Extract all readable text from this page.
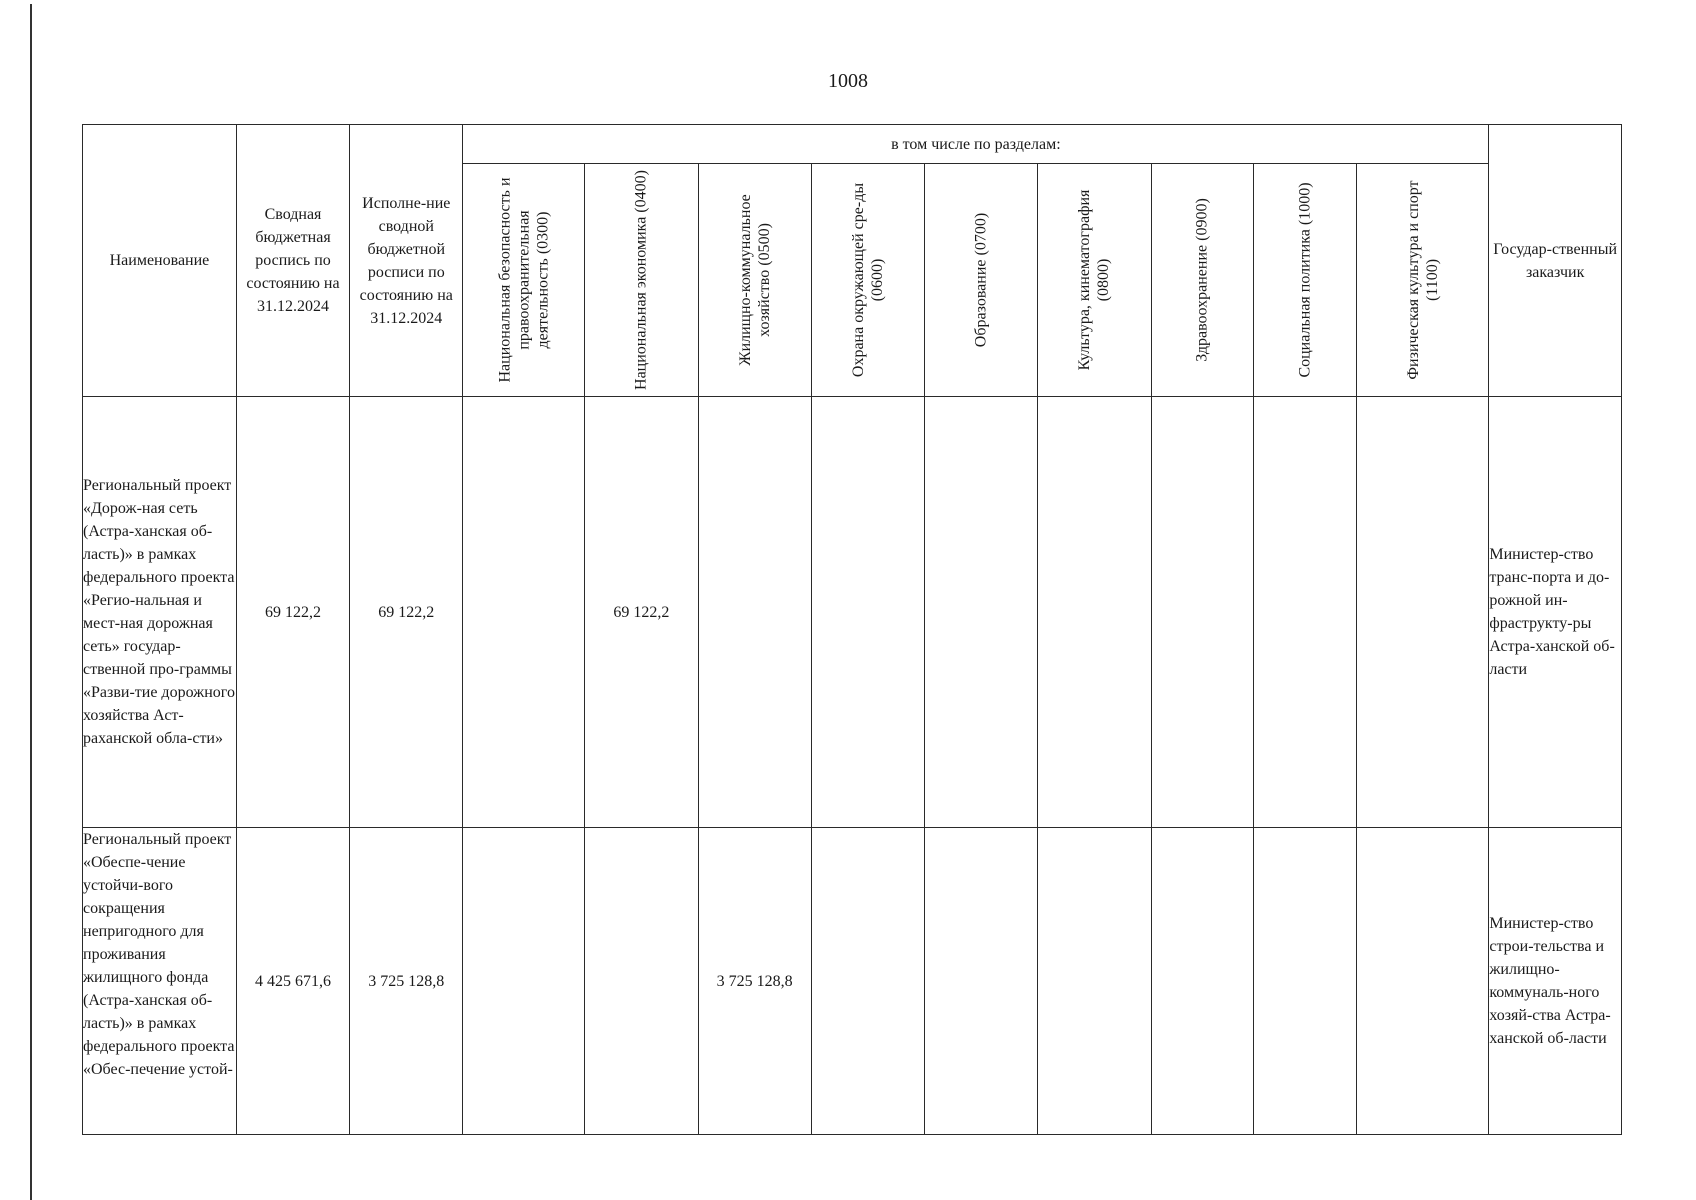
1008
Наименование	Сводная бюджетная роспись по состоянию на 31.12.2024	Исполне-ние сводной бюджетной росписи по состоянию на 31.12.2024	в том числе по разделам:									Государ-ственный заказчик

			Национальная безопасность и правоохранительная деятельность (0300)	Национальная экономика (0400)	Жилищно-коммунальное хозяйство (0500)	Охрана окружающей сре-ды (0600)	Образование (0700)	Культура, кинематография (0800)	Здравоохранение (0900)	Социальная политика (1000)	Физическая культура и спорт (1100)	

Региональный проект «Дорож-ная сеть (Астра-ханская об-ласть)» в рамках федерального проекта «Регио-нальная и мест-ная дорожная сеть» государ-ственной про-граммы «Разви-тие дорожного хозяйства Аст-раханской обла-сти»	69 122,2	69 122,2		69 122,2								Министер-ство транс-порта и до-рожной ин-фраструкту-ры Астра-ханской об-ласти

Региональный проект «Обеспе-чение устойчи-вого сокращения непригодного для проживания жилищного фонда (Астра-ханская об-ласть)» в рамках федерального проекта «Обес-печение устой-	4 425 671,6	3 725 128,8			3 725 128,8							Министер-ство строи-тельства и жилищно-коммуналь-ного хозяй-ства Астра-ханской об-ласти
